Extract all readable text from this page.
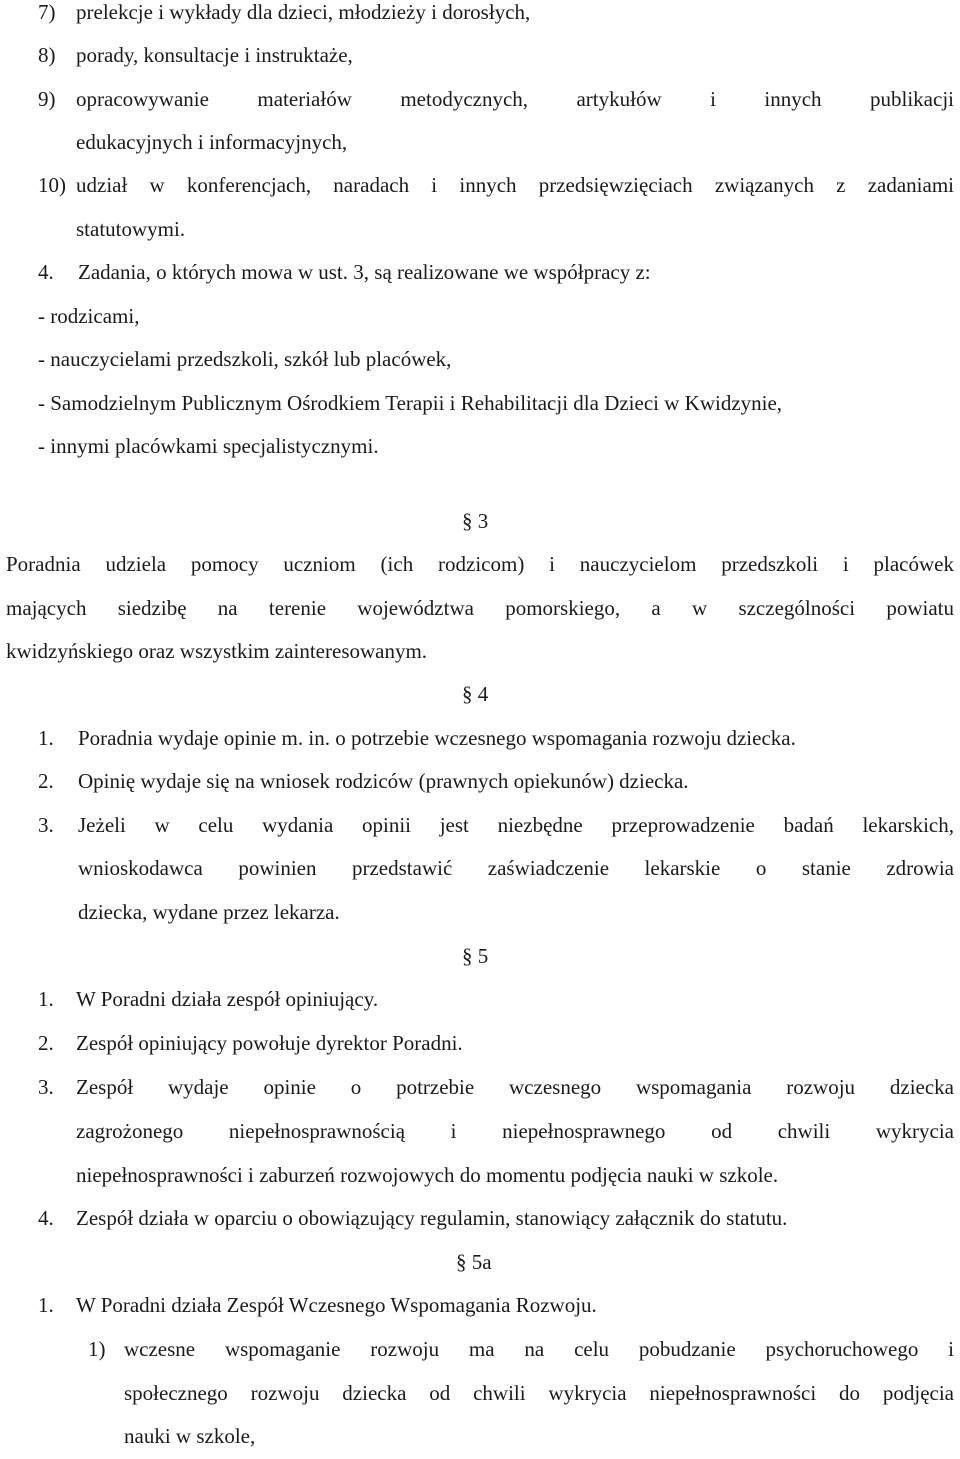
7) prelekcje i wykłady dla dzieci, młodzieży i dorosłych,
8) porady, konsultacje i instruktaże,
9) opracowywanie materiałów metodycznych, artykułów i innych publikacji
edukacyjnych i informacyjnych,
10) udział w konferencjach, naradach i innych przedsięwzięciach związanych z zadaniami
statutowymi.
4. Zadania, o których mowa w ust. 3, są realizowane we współpracy z:
- rodzicami,
- nauczycielami przedszkoli, szkół lub placówek,
- Samodzielnym Publicznym Ośrodkiem Terapii i Rehabilitacji dla Dzieci w Kwidzynie,
- innymi placówkami specjalistycznymi.
§ 3
Poradnia udziela pomocy uczniom (ich rodzicom) i nauczycielom przedszkoli i placówek
mających siedzibę na terenie województwa pomorskiego, a w szczególności powiatu
kwidzyńskiego oraz wszystkim zainteresowanym.
§ 4
1. Poradnia wydaje opinie m. in. o potrzebie wczesnego wspomagania rozwoju dziecka.
2. Opinię wydaje się na wniosek rodziców (prawnych opiekunów) dziecka.
3. Jeżeli w celu wydania opinii jest niezbędne przeprowadzenie badań lekarskich,
wnioskodawca powinien przedstawić zaświadczenie lekarskie o stanie zdrowia
dziecka, wydane przez lekarza.
§ 5
1. W Poradni działa zespół opiniujący.
2. Zespół opiniujący powołuje dyrektor Poradni.
3. Zespół wydaje opinie o potrzebie wczesnego wspomagania rozwoju dziecka
zagrożonego niepełnosprawnością i niepełnosprawnego od chwili wykrycia
niepełnosprawności i zaburzeń rozwojowych do momentu podjęcia nauki w szkole.
4. Zespół działa w oparciu o obowiązujący regulamin, stanowiący załącznik do statutu.
§ 5a
1. W Poradni działa Zespół Wczesnego Wspomagania Rozwoju.
1) wczesne wspomaganie rozwoju ma na celu pobudzanie psychoruchowego i
społecznego rozwoju dziecka od chwili wykrycia niepełnosprawności do podjęcia
nauki w szkole,
